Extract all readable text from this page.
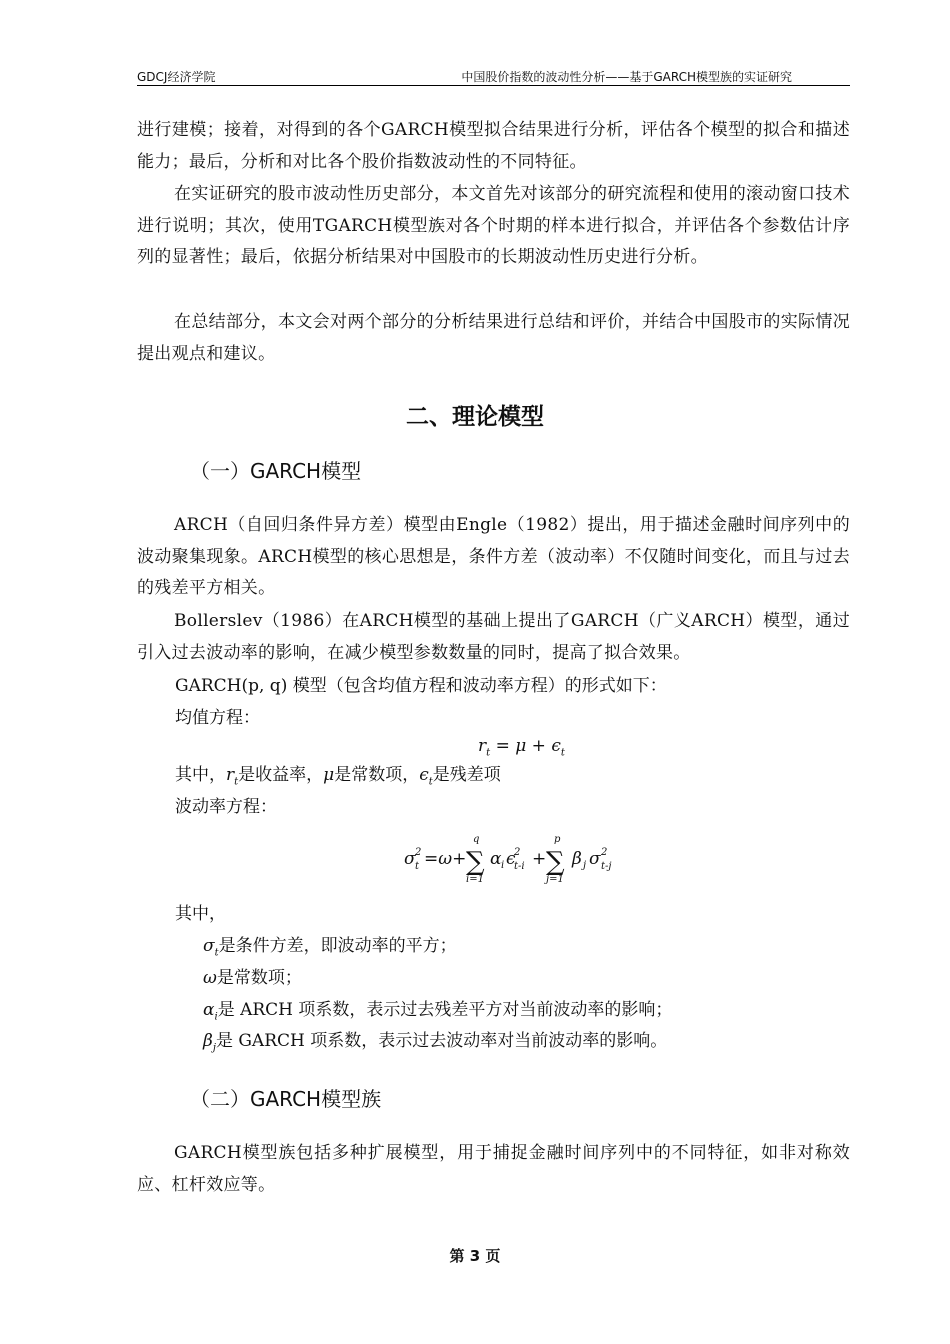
GDCJ经济学院	中国股价指数的波动性分析——基于GARCH模型族的实证研究

进行建模；接着，对得到的各个GARCH模型拟合结果进行分析，评估各个模型的拟合和描述能力；最后，分析和对比各个股价指数波动性的不同特征。

在实证研究的股市波动性历史部分，本文首先对该部分的研究流程和使用的滚动窗口技术进行说明；其次，使用TGARCH模型族对各个时期的样本进行拟合，并评估各个参数估计序列的显著性；最后，依据分析结果对中国股市的长期波动性历史进行分析。

在总结部分，本文会对两个部分的分析结果进行总结和评价，并结合中国股市的实际情况提出观点和建议。

二、理论模型
（一）GARCH模型

ARCH（自回归条件异方差）模型由Engle（1982）提出，用于描述金融时间序列中的波动聚集现象。ARCH模型的核心思想是，条件方差（波动率）不仅随时间变化，而且与过去的残差平方相关。

Bollerslev（1986）在ARCH模型的基础上提出了GARCH（广义ARCH）模型，通过引入过去波动率的影响，在减少模型参数数量的同时，提高了拟合效果。

GARCH(p, q) 模型（包含均值方程和波动率方程）的形式如下：
均值方程：
$r_t = \mu + \epsilon_t$
其中，$r_t$是收益率，μ是常数项，$\epsilon_t$是残差项
波动率方程：
σ 2
t =ω+ ∑
q
i=1
α i ϵ
2
t-i + ∑
p
j=1
β j σ 2
t-j
其中，
$\sigma_t$是条件方差，即波动率的平方；
ω是常数项；
$\alpha_i$是 ARCH 项系数，表示过去残差平方对当前波动率的影响；
$\beta_j$是 GARCH 项系数，表示过去波动率对当前波动率的影响。
（二）GARCH模型族

GARCH模型族包括多种扩展模型，用于捕捉金融时间序列中的不同特征，如非对称效应、杠杆效应等。

第 3 页
